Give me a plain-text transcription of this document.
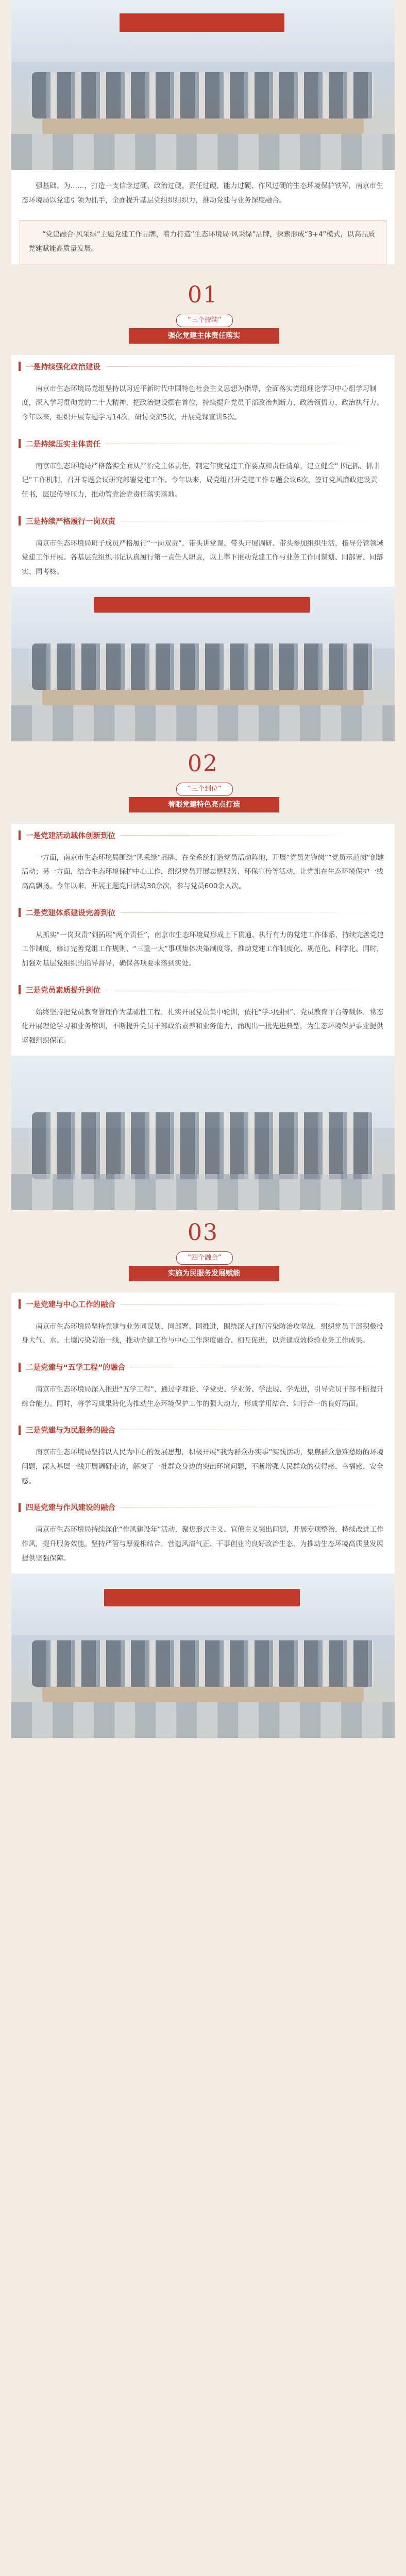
强基础、为……，打造一支信念过硬、政治过硬、责任过硬、能力过硬、作风过硬的生态环境保护铁军，南京市生态环境局以党建引领为抓手，全面提升基层党组织组织力，推动党建与业务深度融合。
“党建融合·风采绿”主题党建工作品牌，着力打造“生态环境局·风采绿”品牌，探索形成“3+4”模式，以高品质党建赋能高质量发展。
01
“三个持续”
强化党建主体责任落实
一是持续强化政治建设
南京市生态环境局党组坚持以习近平新时代中国特色社会主义思想为指导，全面落实党组理论学习中心组学习制度，深入学习贯彻党的二十大精神，把政治建设摆在首位，持续提升党员干部政治判断力、政治领悟力、政治执行力。今年以来，组织开展专题学习14次，研讨交流5次，开展党课宣讲5次。
二是持续压实主体责任
南京市生态环境局严格落实全面从严治党主体责任，制定年度党建工作要点和责任清单，建立健全“书记抓、抓书记”工作机制，召开专题会议研究部署党建工作。今年以来，局党组召开党建工作专题会议6次，签订党风廉政建设责任书，层层传导压力，推动管党治党责任落实落地。
三是持续严格履行一岗双责
南京市生态环境局班子成员严格履行“一岗双责”，带头讲党课、带头开展调研、带头参加组织生活，指导分管领域党建工作开展。各基层党组织书记认真履行第一责任人职责，以上率下推动党建工作与业务工作同谋划、同部署、同落实、同考核。
02
“三个到位”
着眼党建特色亮点打造
一是党建活动载体创新到位
一方面，南京市生态环境局围绕“风采绿”品牌，在全系统打造党员活动阵地，开展“党员先锋岗”“党员示范岗”创建活动；另一方面，结合生态环境保护中心工作，组织党员开展志愿服务、环保宣传等活动，让党旗在生态环境保护一线高高飘扬。今年以来，开展主题党日活动30余次，参与党员600余人次。
二是党建体系建设完善到位
从抓实“一岗双责”到拓展“两个责任”，南京市生态环境局形成上下贯通、执行有力的党建工作体系，持续完善党建工作制度，修订完善党组工作规则、“三重一大”事项集体决策制度等，推动党建工作制度化、规范化、科学化。同时，加强对基层党组织的指导督导，确保各项要求落到实处。
三是党员素质提升到位
始终坚持把党员教育管理作为基础性工程，扎实开展党员集中轮训，依托“学习强国”、党员教育平台等载体，常态化开展理论学习和业务培训，不断提升党员干部政治素养和业务能力，涌现出一批先进典型，为生态环境保护事业提供坚强组织保证。
03
“四个融合”
实施为民服务发展赋能
一是党建与中心工作的融合
南京市生态环境局坚持党建与业务同谋划、同部署、同推进，围绕深入打好污染防治攻坚战，组织党员干部积极投身大气、水、土壤污染防治一线，推动党建工作与中心工作深度融合、相互促进，以党建成效检验业务工作成果。
二是党建与“五学工程”的融合
南京市生态环境局深入推进“五学工程”，通过学理论、学党史、学业务、学法规、学先进，引导党员干部不断提升综合能力。同时，将学习成果转化为推动生态环境保护工作的强大动力，形成学用结合、知行合一的良好局面。
三是党建与为民服务的融合
南京市生态环境局坚持以人民为中心的发展思想，积极开展“我为群众办实事”实践活动，聚焦群众急难愁盼的环境问题，深入基层一线开展调研走访，解决了一批群众身边的突出环境问题，不断增强人民群众的获得感、幸福感、安全感。
四是党建与作风建设的融合
南京市生态环境局持续深化“作风建设年”活动，聚焦形式主义、官僚主义突出问题，开展专项整治，持续改进工作作风，提升服务效能。坚持严管与厚爱相结合，营造风清气正、干事创业的良好政治生态，为推动生态环境高质量发展提供坚强保障。
